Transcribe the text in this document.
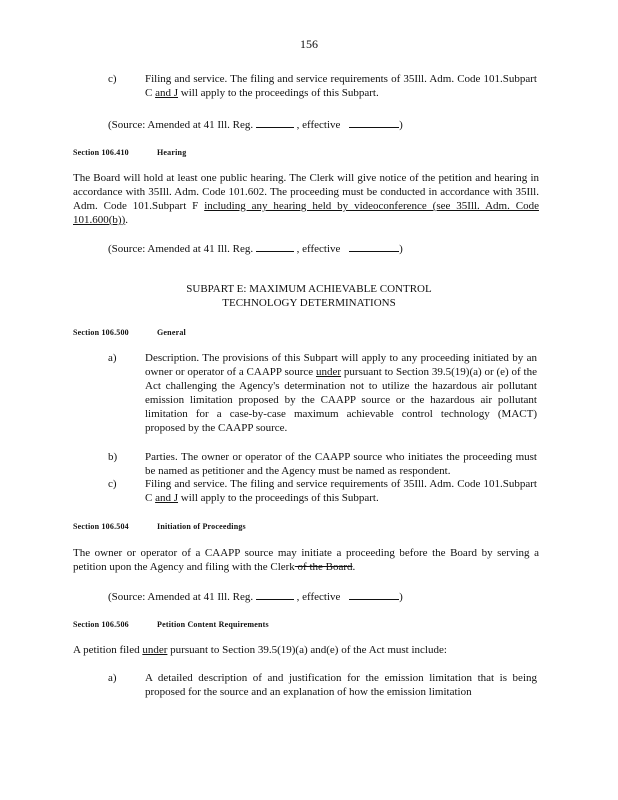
156
c)	Filing and service. The filing and service requirements of 35Ill. Adm. Code 101.Subpart C and J will apply to the proceedings of this Subpart.
(Source: Amended at 41 Ill. Reg.	, effective	)
Section 106.410	Hearing
The Board will hold at least one public hearing. The Clerk will give notice of the petition and hearing in accordance with 35Ill. Adm. Code 101.602. The proceeding must be conducted in accordance with 35Ill. Adm. Code 101.Subpart F including any hearing held by videoconference (see 35Ill. Adm. Code 101.600(b)).
(Source: Amended at 41 Ill. Reg.	, effective	)
SUBPART E: MAXIMUM ACHIEVABLE CONTROL
TECHNOLOGY DETERMINATIONS
Section 106.500	General
a)	Description. The provisions of this Subpart will apply to any proceeding initiated by an owner or operator of a CAAPP source under pursuant to Section 39.5(19)(a) or (e) of the Act challenging the Agency's determination not to utilize the hazardous air pollutant emission limitation proposed by the CAAPP source or the hazardous air pollutant limitation for a case-by-case maximum achievable control technology (MACT) proposed by the CAAPP source.
b)	Parties. The owner or operator of the CAAPP source who initiates the proceeding must be named as petitioner and the Agency must be named as respondent.
c)	Filing and service. The filing and service requirements of 35Ill. Adm. Code 101.Subpart C and J will apply to the proceedings of this Subpart.
Section 106.504	Initiation of Proceedings
The owner or operator of a CAAPP source may initiate a proceeding before the Board by serving a petition upon the Agency and filing with the Clerk of the Board.
(Source: Amended at 41 Ill. Reg.	, effective	)
Section 106.506	Petition Content Requirements
A petition filed under pursuant to Section 39.5(19)(a) and(e) of the Act must include:
a)	A detailed description of and justification for the emission limitation that is being proposed for the source and an explanation of how the emission limitation
